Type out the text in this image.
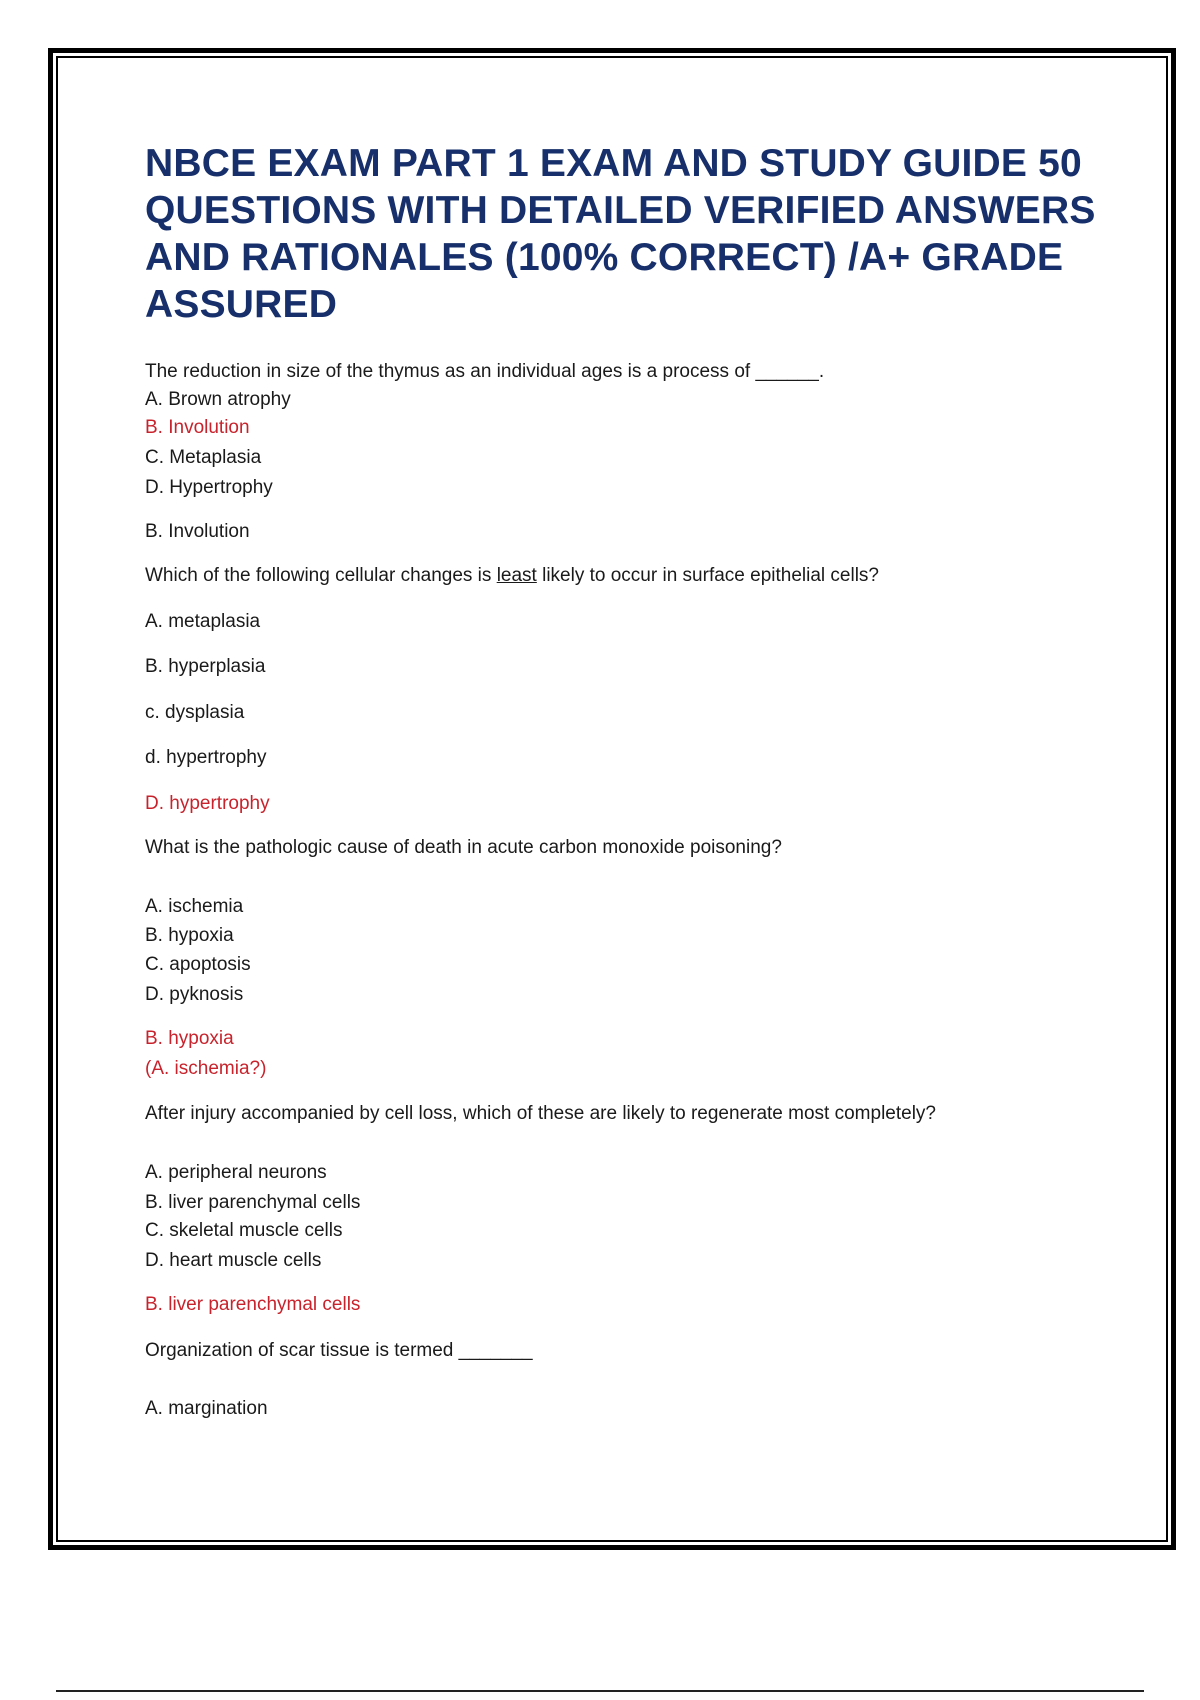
NBCE EXAM PART 1 EXAM AND STUDY GUIDE 50 QUESTIONS WITH DETAILED VERIFIED ANSWERS AND RATIONALES (100% CORRECT) /A+ GRADE ASSURED
The reduction in size of the thymus as an individual ages is a process of ______.
A. Brown atrophy
B. Involution
C. Metaplasia
D. Hypertrophy
B. Involution
Which of the following cellular changes is least likely to occur in surface epithelial cells?
A. metaplasia
B. hyperplasia
c. dysplasia
d. hypertrophy
D. hypertrophy
What is the pathologic cause of death in acute carbon monoxide poisoning?
A. ischemia
B. hypoxia
C. apoptosis
D. pyknosis
B. hypoxia
(A. ischemia?)
After injury accompanied by cell loss, which of these are likely to regenerate most completely?
A. peripheral neurons
B. liver parenchymal cells
C. skeletal muscle cells
D. heart muscle cells
B. liver parenchymal cells
Organization of scar tissue is termed _______
A. margination
